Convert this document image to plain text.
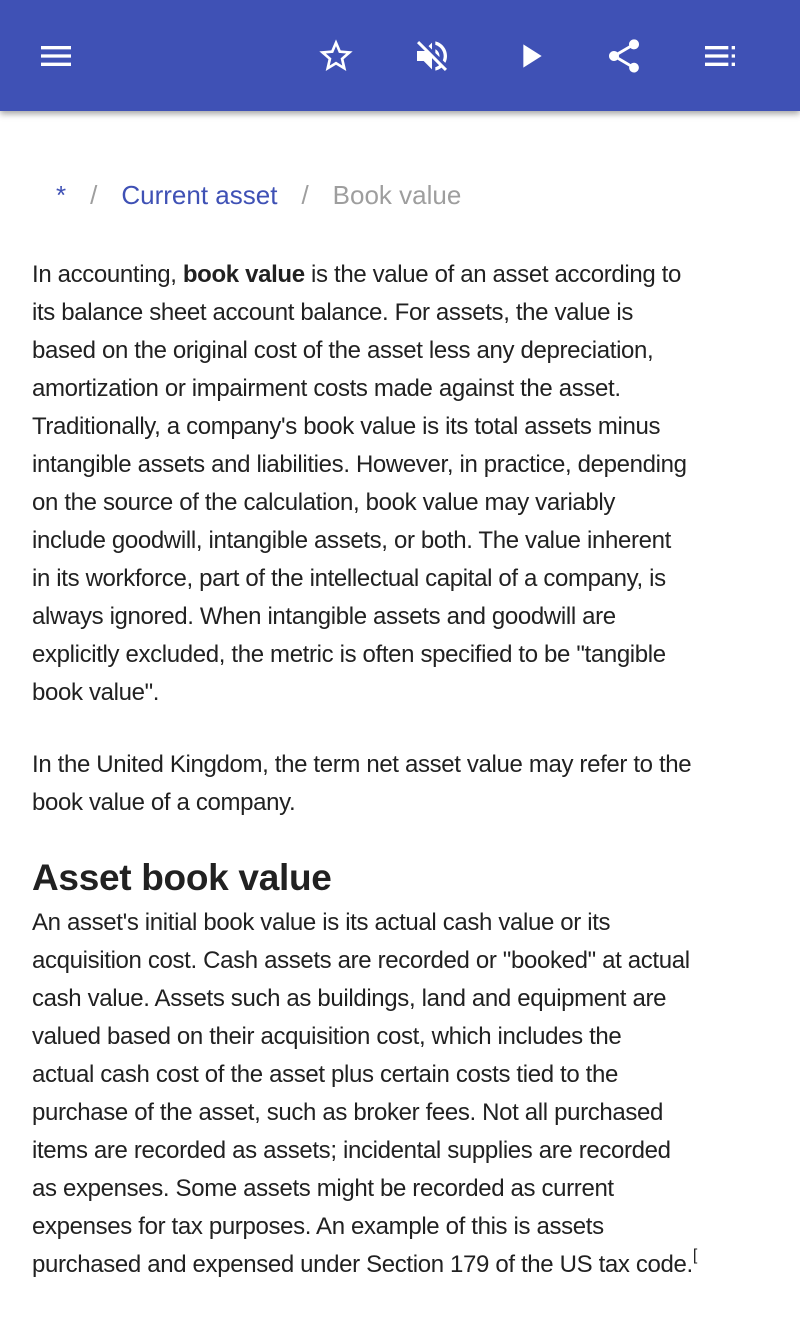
* / Current asset / Book value
In accounting, book value is the value of an asset according to
its balance sheet account balance. For assets, the value is
based on the original cost of the asset less any depreciation,
amortization or impairment costs made against the asset.
Traditionally, a company's book value is its total assets minus
intangible assets and liabilities. However, in practice, depending
on the source of the calculation, book value may variably
include goodwill, intangible assets, or both. The value inherent
in its workforce, part of the intellectual capital of a company, is
always ignored. When intangible assets and goodwill are
explicitly excluded, the metric is often specified to be "tangible
book value".
In the United Kingdom, the term net asset value may refer to the
book value of a company.
Asset book value
An asset's initial book value is its actual cash value or its
acquisition cost. Cash assets are recorded or "booked" at actual
cash value. Assets such as buildings, land and equipment are
valued based on their acquisition cost, which includes the
actual cash cost of the asset plus certain costs tied to the
purchase of the asset, such as broker fees. Not all purchased
items are recorded as assets; incidental supplies are recorded
as expenses. Some assets might be recorded as current
expenses for tax purposes. An example of this is assets
purchased and expensed under Section 179 of the US tax code.[
